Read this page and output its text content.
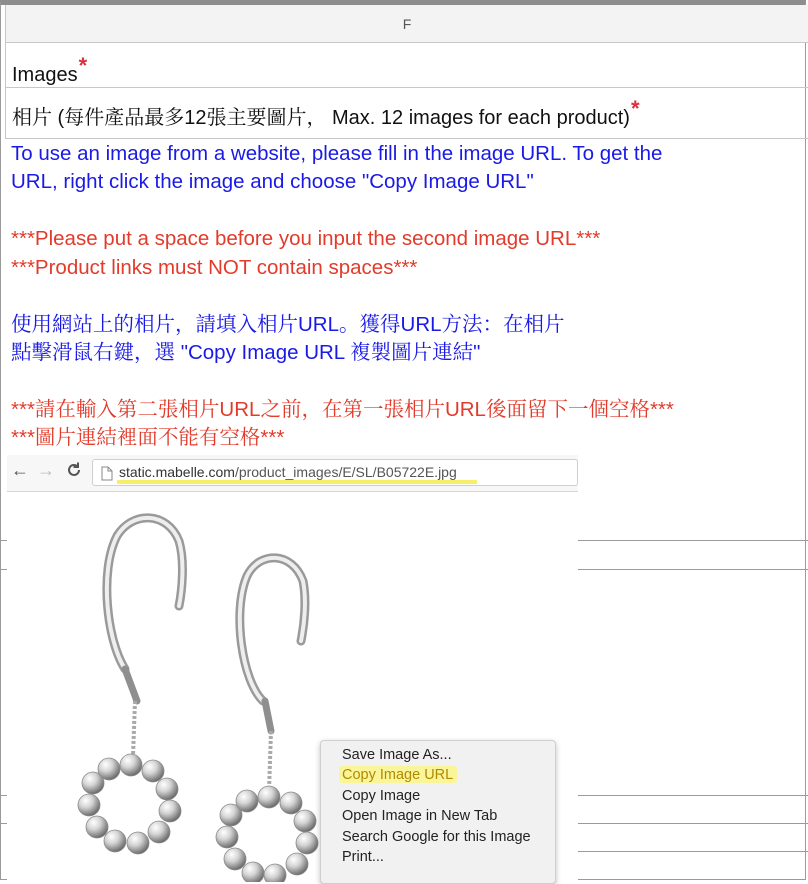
F
Images*
相片 (每件產品最多12張主要圖片， Max. 12 images for each product)*
To use an image from a website, please fill in the image URL. To get the
URL, right click the image and choose "Copy Image URL"
***Please put a space before you input the second image URL***
***Product links must NOT contain spaces***
使用網站上的相片，請填入相片URL。獲得URL方法：在相片
點擊滑鼠右鍵，選 "Copy Image URL 複製圖片連結"
***請在輸入第二張相片URL之前，在第一張相片URL後面留下一個空格***
***圖片連結裡面不能有空格***
← →	static.mabelle.com/product_images/E/SL/B05722E.jpg
Save Image As...
Copy Image URL
Copy Image
Open Image in New Tab
Search Google for this Image
Print...
